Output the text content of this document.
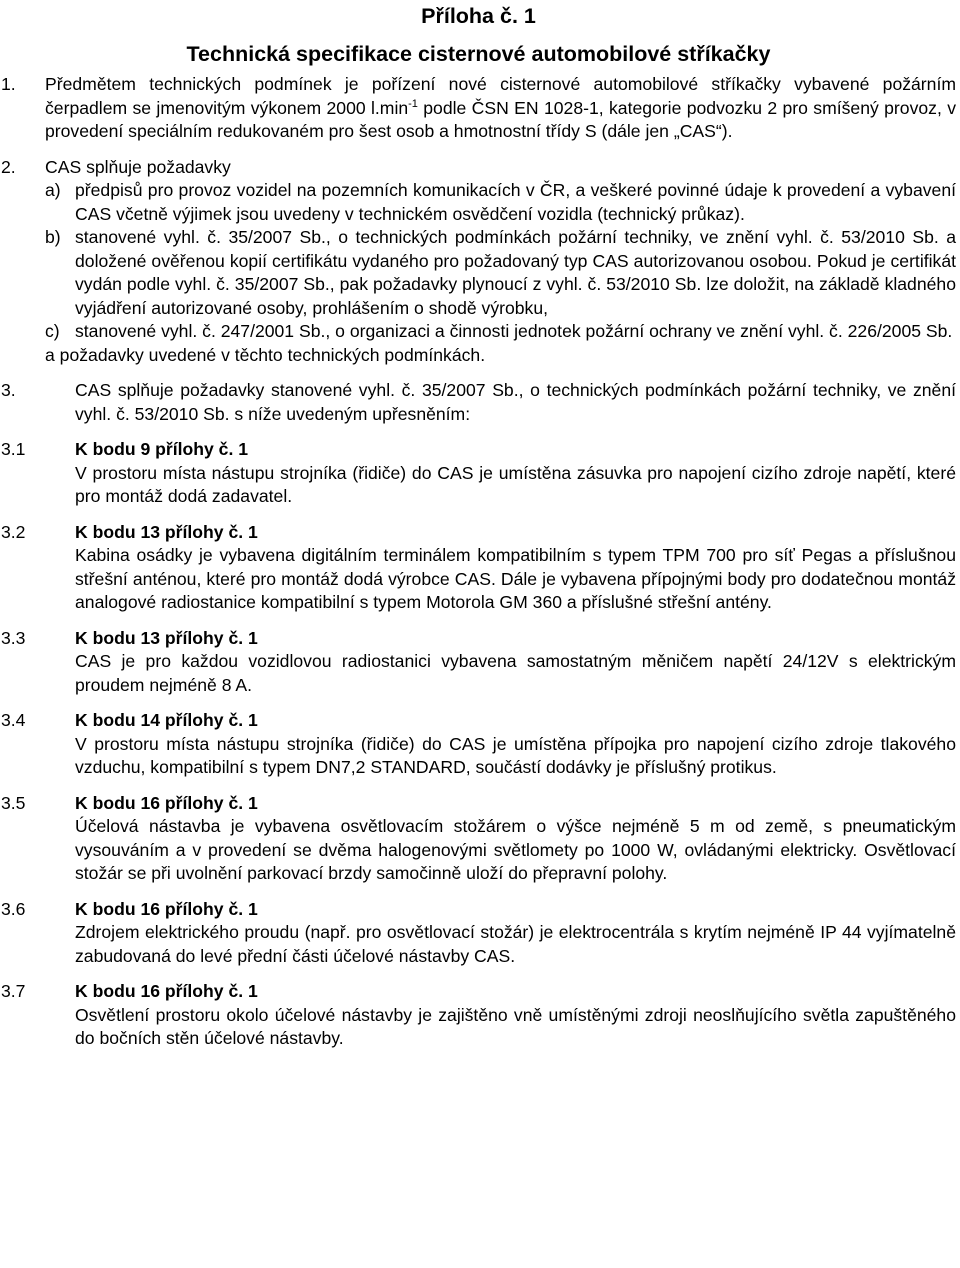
Příloha č. 1
Technická specifikace cisternové automobilové stříkačky
1.	Předmětem technických podmínek je pořízení nové cisternové automobilové stříkačky vybavené požárním čerpadlem se jmenovitým výkonem 2000 $l.\min^{-1}$ podle ČSN EN 1028-1, kategorie podvozku 2 pro smíšený provoz, v provedení speciálním redukovaném pro šest osob a hmotnostní třídy S (dále jen „CAS“).
2.	CAS splňuje požadavky
a) předpisů pro provoz vozidel na pozemních komunikacích v ČR, a veškeré povinné údaje k provedení a vybavení CAS včetně výjimek jsou uvedeny v technickém osvědčení vozidla (technický průkaz).
b) stanovené vyhl. č. 35/2007 Sb., o technických podmínkách požární techniky, ve znění vyhl. č. 53/2010 Sb. a doložené ověřenou kopií certifikátu vydaného pro požadovaný typ CAS autorizovanou osobou. Pokud je certifikát vydán podle vyhl. č. 35/2007 Sb., pak požadavky plynoucí z vyhl. č. 53/2010 Sb. lze doložit, na základě kladného vyjádření autorizované osoby, prohlášením o shodě výrobku,
c) stanovené vyhl. č. 247/2001 Sb., o organizaci a činnosti jednotek požární ochrany ve znění vyhl. č. 226/2005 Sb.
a požadavky uvedené v těchto technických podmínkách.
3.	CAS splňuje požadavky stanovené vyhl. č. 35/2007 Sb., o technických podmínkách požární techniky, ve znění vyhl. č. 53/2010 Sb. s níže uvedeným upřesněním:
3.1	K bodu 9 přílohy č. 1
V prostoru místa nástupu strojníka (řidiče) do CAS je umístěna zásuvka pro napojení cizího zdroje napětí, které pro montáž dodá zadavatel.
3.2	K bodu 13 přílohy č. 1
Kabina osádky je vybavena digitálním terminálem kompatibilním s typem TPM 700 pro síť Pegas a příslušnou střešní anténou, které pro montáž dodá výrobce CAS. Dále je vybavena přípojnými body pro dodatečnou montáž analogové radiostanice kompatibilní s typem Motorola GM 360 a příslušné střešní antény.
3.3	K bodu 13 přílohy č. 1
CAS je pro každou vozidlovou radiostanici vybavena samostatným měničem napětí 24/12V s elektrickým proudem nejméně 8 A.
3.4	K bodu 14 přílohy č. 1
V prostoru místa nástupu strojníka (řidiče) do CAS je umístěna přípojka pro napojení cizího zdroje tlakového vzduchu, kompatibilní s typem DN7,2 STANDARD, součástí dodávky je příslušný protikus.
3.5	K bodu 16 přílohy č. 1
Účelová nástavba je vybavena osvětlovacím stožárem o výšce nejméně 5 m od země, s pneumatickým vysouváním a v provedení se dvěma halogenovými světlomety po 1000 W, ovládanými elektricky. Osvětlovací stožár se při uvolnění parkovací brzdy samočinně uloží do přepravní polohy.
3.6	K bodu 16 přílohy č. 1
Zdrojem elektrického proudu (např. pro osvětlovací stožár) je elektrocentrála s krytím nejméně IP 44 vyjímatelně zabudovaná do levé přední části účelové nástavby CAS.
3.7	K bodu 16 přílohy č. 1
Osvětlení prostoru okolo účelové nástavby je zajištěno vně umístěnými zdroji neoslňujícího světla zapuštěného do bočních stěn účelové nástavby.
